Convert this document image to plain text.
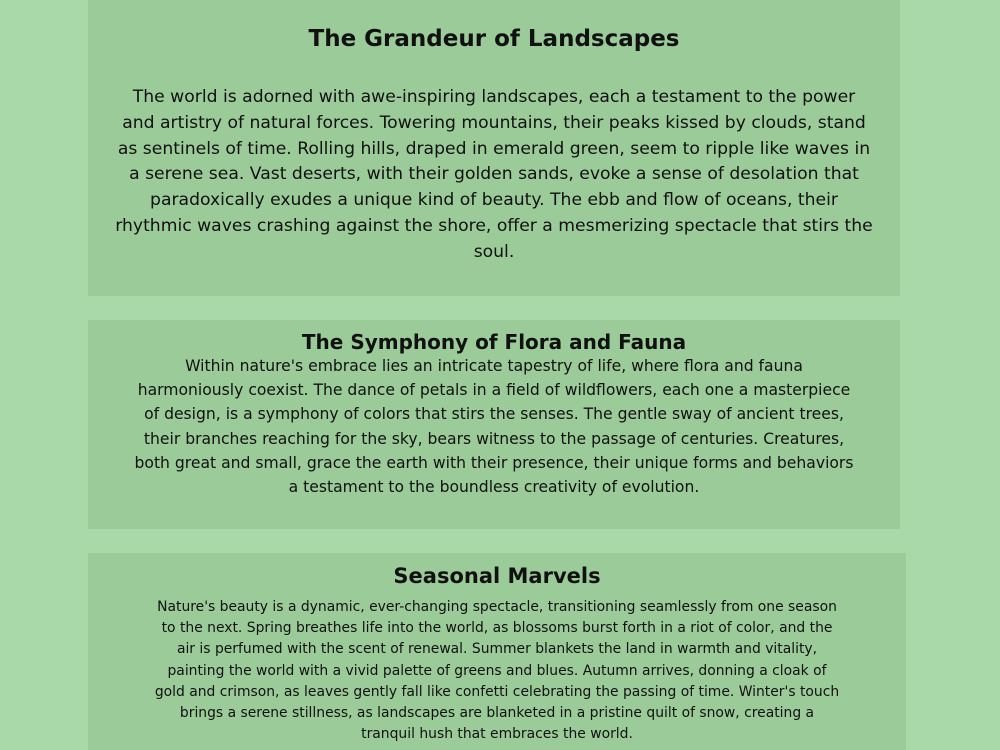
The Grandeur of Landscapes

The world is adorned with awe-inspiring landscapes, each a testament to the power and artistry of natural forces. Towering mountains, their peaks kissed by clouds, stand as sentinels of time. Rolling hills, draped in emerald green, seem to ripple like waves in a serene sea. Vast deserts, with their golden sands, evoke a sense of desolation that paradoxically exudes a unique kind of beauty. The ebb and flow of oceans, their rhythmic waves crashing against the shore, offer a mesmerizing spectacle that stirs the soul.

The Symphony of Flora and Fauna

Within nature's embrace lies an intricate tapestry of life, where flora and fauna harmoniously coexist. The dance of petals in a field of wildflowers, each one a masterpiece of design, is a symphony of colors that stirs the senses. The gentle sway of ancient trees, their branches reaching for the sky, bears witness to the passage of centuries. Creatures, both great and small, grace the earth with their presence, their unique forms and behaviors a testament to the boundless creativity of evolution.

Seasonal Marvels

Nature's beauty is a dynamic, ever-changing spectacle, transitioning seamlessly from one season to the next. Spring breathes life into the world, as blossoms burst forth in a riot of color, and the air is perfumed with the scent of renewal. Summer blankets the land in warmth and vitality, painting the world with a vivid palette of greens and blues. Autumn arrives, donning a cloak of gold and crimson, as leaves gently fall like confetti celebrating the passing of time. Winter's touch brings a serene stillness, as landscapes are blanketed in a pristine quilt of snow, creating a tranquil hush that embraces the world.
